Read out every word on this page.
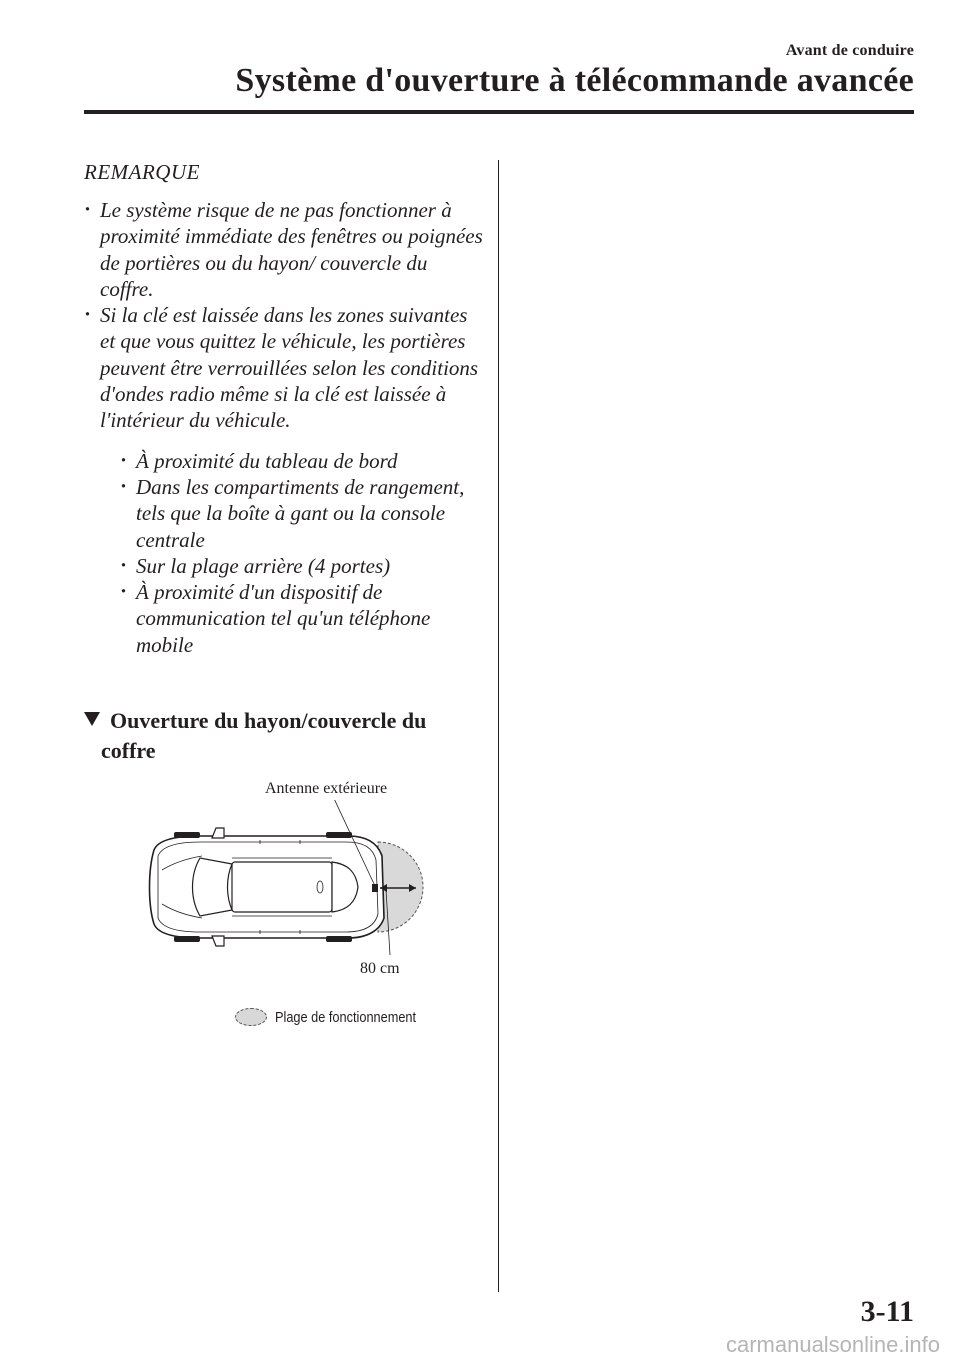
Avant de conduire
Système d'ouverture à télécommande avancée
REMARQUE
· Le système risque de ne pas fonctionner à proximité immédiate des fenêtres ou poignées de portières ou du hayon/ couvercle du coffre.
· Si la clé est laissée dans les zones suivantes et que vous quittez le véhicule, les portières peuvent être verrouillées selon les conditions d'ondes radio même si la clé est laissée à l'intérieur du véhicule.
· À proximité du tableau de bord
· Dans les compartiments de rangement, tels que la boîte à gant ou la console centrale
· Sur la plage arrière (4 portes)
· À proximité d'un dispositif de communication tel qu'un téléphone mobile
Ouverture du hayon/couvercle du
coffre
Antenne extérieure
80 cm
Plage de fonctionnement
3-11
carmanualsonline.info
